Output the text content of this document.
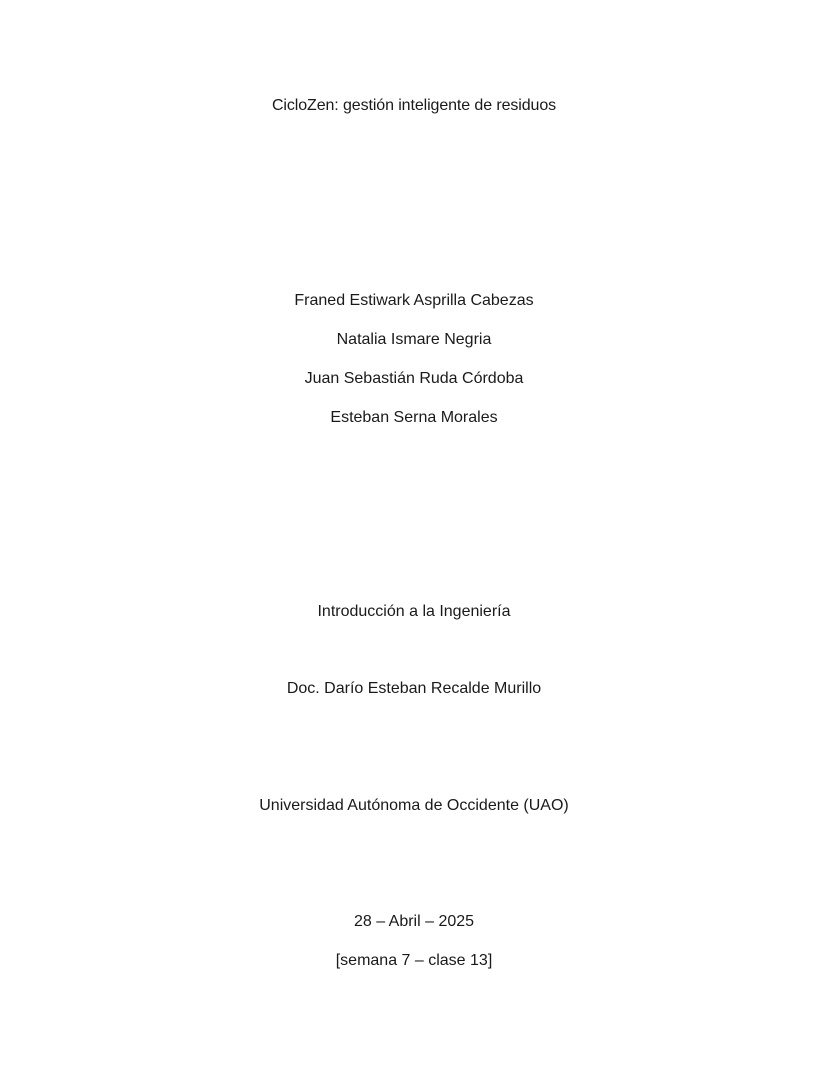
CicloZen: gestión inteligente de residuos
Franed Estiwark Asprilla Cabezas
Natalia Ismare Negria
Juan Sebastián Ruda Córdoba
Esteban Serna Morales
Introducción a la Ingeniería
Doc. Darío Esteban Recalde Murillo
Universidad Autónoma de Occidente (UAO)
28 – Abril – 2025
[semana 7 – clase 13]
